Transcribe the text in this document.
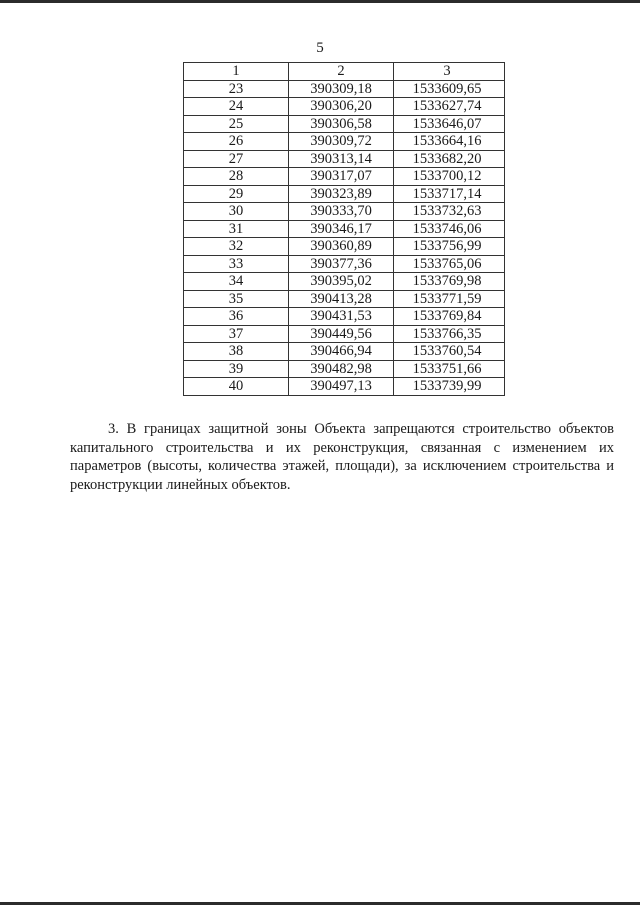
5
1	2	3
23	390309,18	1533609,65
24	390306,20	1533627,74
25	390306,58	1533646,07
26	390309,72	1533664,16
27	390313,14	1533682,20
28	390317,07	1533700,12
29	390323,89	1533717,14
30	390333,70	1533732,63
31	390346,17	1533746,06
32	390360,89	1533756,99
33	390377,36	1533765,06
34	390395,02	1533769,98
35	390413,28	1533771,59
36	390431,53	1533769,84
37	390449,56	1533766,35
38	390466,94	1533760,54
39	390482,98	1533751,66
40	390497,13	1533739,99
3. В границах защитной зоны Объекта запрещаются строительство объектов капитального строительства и их реконструкция, связанная с изменением их параметров (высоты, количества этажей, площади), за исключением строительства и реконструкции линейных объектов.
